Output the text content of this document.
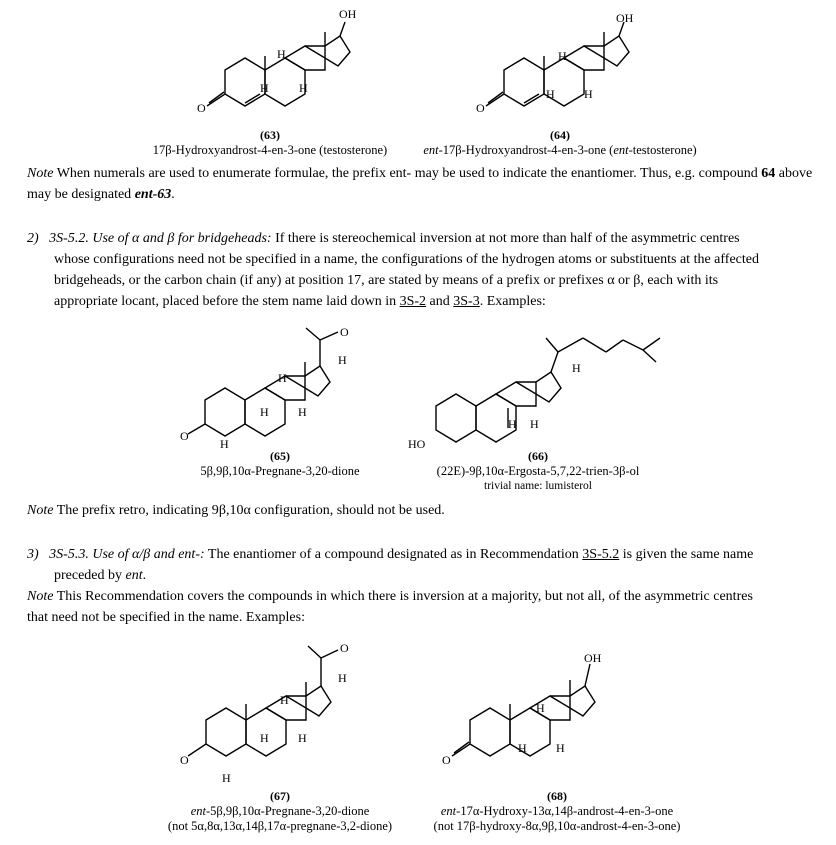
O
OH
H
H	H
O
OH
H
H H
(63)
17β-Hydroxyandrost-4-en-3-one (testosterone)
(64)
ent-17β-Hydroxyandrost-4-en-3-one (ent-testosterone)
Note When numerals are used to enumerate formulae, the prefix ent- may be used to indicate the enantiomer. Thus, e.g. compound 64 above may be designated ent-63.
2) 3S-5.2. Use of α and β for bridgeheads: If there is stereochemical inversion at not more than half of the asymmetric centres
whose configurations need not be specified in a name, the configurations of the hydrogen atoms or substituents at the affected
bridgeheads, or the carbon chain (if any) at position 17, are stated by means of a prefix or prefixes α or β, each with its
appropriate locant, placed before the stem name laid down in 3S-2 and 3S-3. Examples:
O
O
H
H
H H
H	HO
H
H H
(65)
5β,9β,10α-Pregnane-3,20-dione
(66)
(22E)-9β,10α-Ergosta-5,7,22-trien-3β-ol
trivial name: lumisterol
Note The prefix retro, indicating 9β,10α configuration, should not be used.
3) 3S-5.3. Use of α/β and ent-: The enantiomer of a compound designated as in Recommendation 3S-5.2 is given the same name
preceded by ent.
Note This Recommendation covers the compounds in which there is inversion at a majority, but not all, of the asymmetric centres
that need not be specified in the name. Examples:
O
O
H
H
H H
H
O
OH
H
H H
(67)
ent-5β,9β,10α-Pregnane-3,20-dione
(not 5α,8α,13α,14β,17α-pregnane-3,2-dione)
(68)
ent-17α-Hydroxy-13α,14β-androst-4-en-3-one
(not 17β-hydroxy-8α,9β,10α-androst-4-en-3-one)
